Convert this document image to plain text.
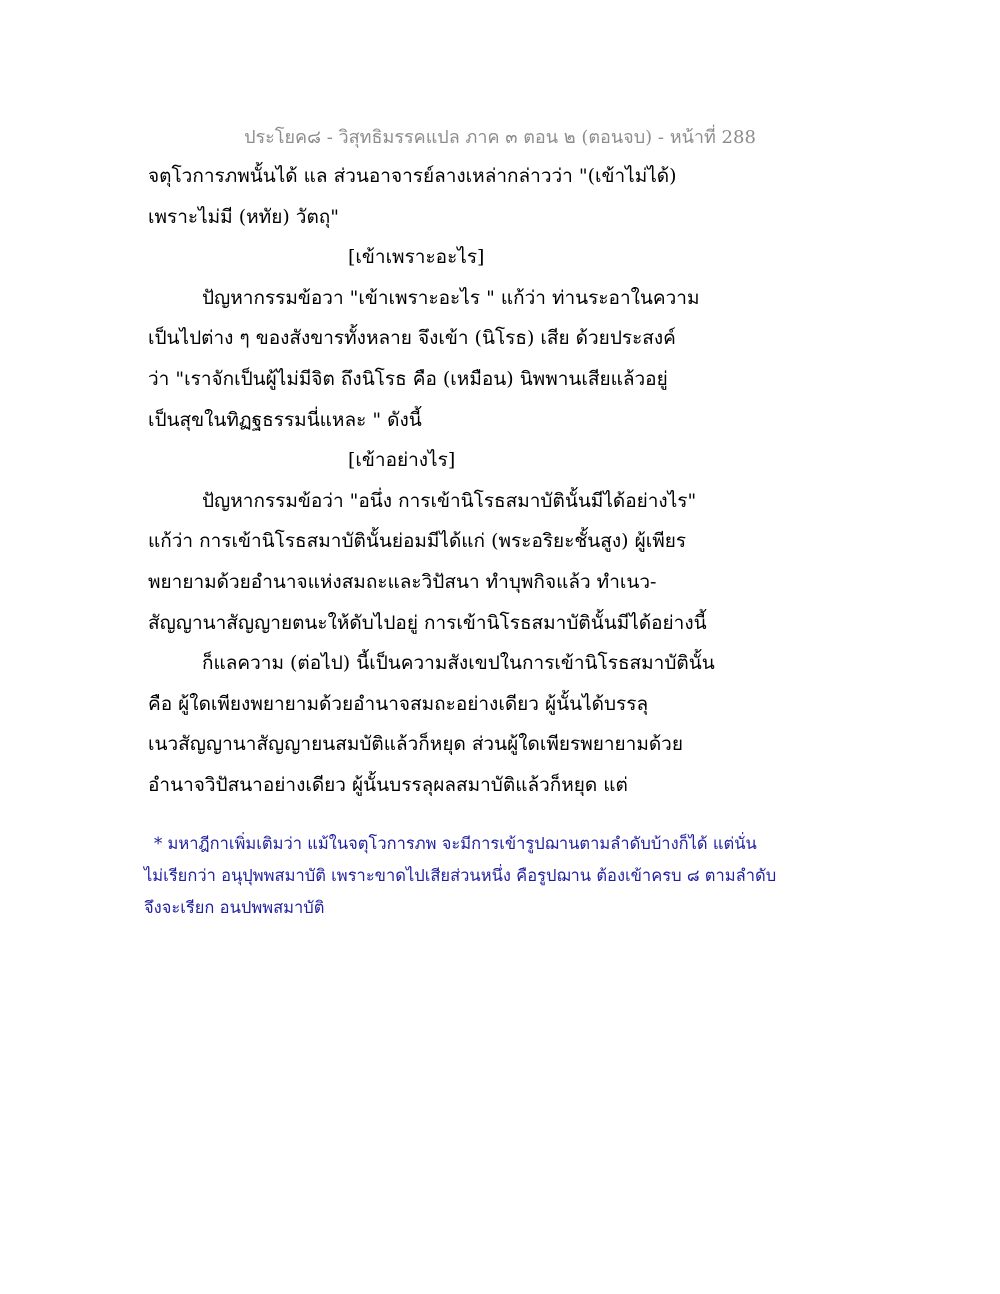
ประโยค๘ - วิสุทธิมรรคแปล ภาค ๓ ตอน ๒ (ตอนจบ) - หน้าที่ 288
จตุโวการภพนั้นได้ แล ส่วนอาจารย์ลางเหล่ากล่าวว่า "(เข้าไม่ได้)
เพราะไม่มี (หทัย) วัตถุ"
[เข้าเพราะอะไร]
ปัญหากรรมข้อวา "เข้าเพราะอะไร " แก้ว่า ท่านระอาในความ
เป็นไปต่าง ๆ ของสังขารทั้งหลาย จึงเข้า (นิโรธ) เสีย ด้วยประสงค์
ว่า "เราจักเป็นผู้ไม่มีจิต ถึงนิโรธ คือ (เหมือน) นิพพานเสียแล้วอยู่
เป็นสุขในทิฏฐธรรมนี่แหละ " ดังนี้
[เข้าอย่างไร]
ปัญหากรรมข้อว่า "อนึ่ง การเข้านิโรธสมาบัตินั้นมีได้อย่างไร"
แก้ว่า การเข้านิโรธสมาบัตินั้นย่อมมีได้แก่ (พระอริยะชั้นสูง) ผู้เพียร
พยายามด้วยอำนาจแห่งสมถะและวิปัสนา ทำบุพกิจแล้ว ทำเนว-
สัญญานาสัญญายตนะให้ดับไปอยู่ การเข้านิโรธสมาบัตินั้นมีได้อย่างนี้
ก็แลความ (ต่อไป) นี้เป็นความสังเขปในการเข้านิโรธสมาบัตินั้น
คือ ผู้ใดเพียงพยายามด้วยอำนาจสมถะอย่างเดียว ผู้นั้นได้บรรลุ
เนวสัญญานาสัญญายนสมบัติแล้วก็หยุด ส่วนผู้ใดเพียรพยายามด้วย
อำนาจวิปัสนาอย่างเดียว ผู้นั้นบรรลุผลสมาบัติแล้วก็หยุด แต่
* มหาฎีกาเพิ่มเติมว่า แม้ในจตุโวการภพ จะมีการเข้ารูปฌานตามลำดับบ้างก็ได้ แต่นั่น
ไม่เรียกว่า อนุปุพพสมาบัติ เพราะขาดไปเสียส่วนหนึ่ง คือรูปฌาน ต้องเข้าครบ ๘ ตามลำดับ
จึงจะเรียก อนปพพสมาบัติ
